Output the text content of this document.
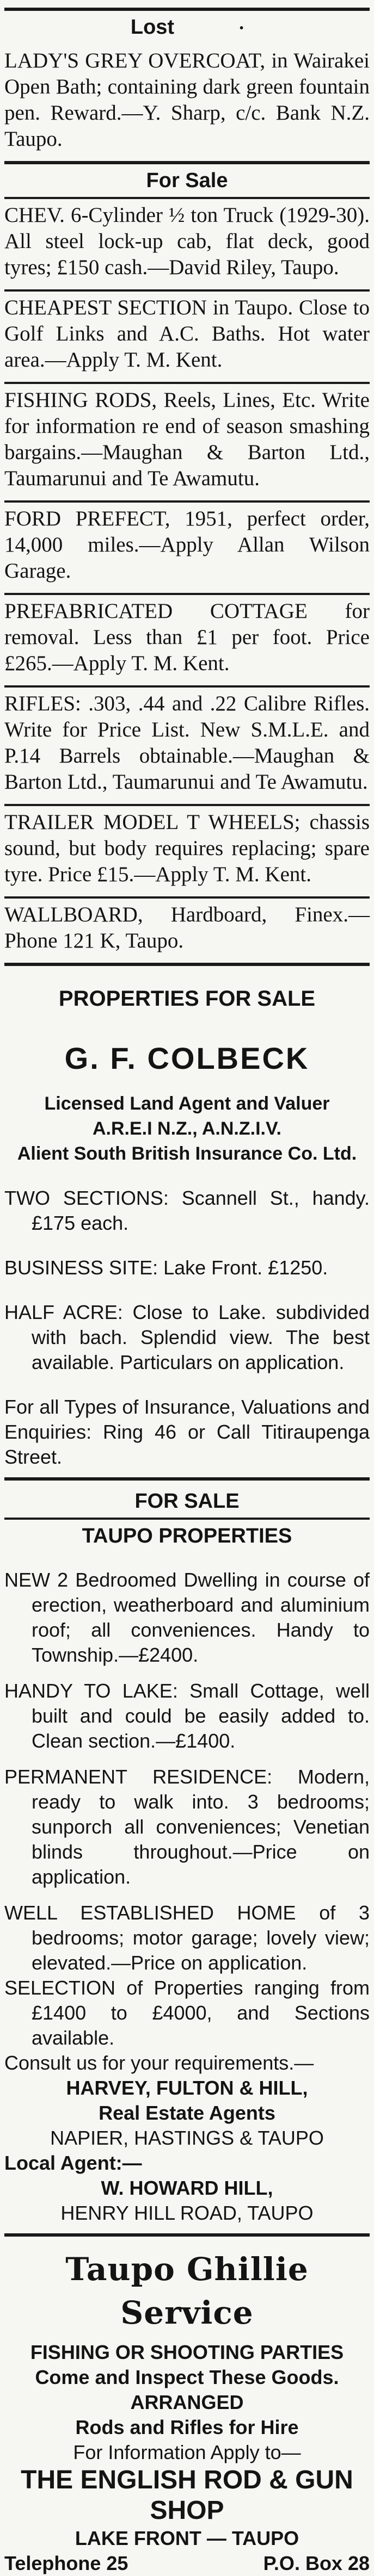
Lost	•
LADY'S GREY OVERCOAT, in Wairakei Open Bath; containing dark green fountain pen. Reward.—Y. Sharp, c/c. Bank N.Z. Taupo.
For Sale
CHEV. 6-Cylinder ½ ton Truck (1929-30). All steel lock-up cab, flat deck, good tyres; £150 cash.—David Riley, Taupo.
CHEAPEST SECTION in Taupo. Close to Golf Links and A.C. Baths. Hot water area.—Apply T. M. Kent.
FISHING RODS, Reels, Lines, Etc. Write for information re end of season smashing bargains.—Maughan & Barton Ltd., Taumarunui and Te Awamutu.
FORD PREFECT, 1951, perfect order, 14,000 miles.—Apply Allan Wilson Garage.
PREFABRICATED COTTAGE for removal. Less than £1 per foot. Price £265.—Apply T. M. Kent.
RIFLES: .303, .44 and .22 Calibre Rifles. Write for Price List. New S.M.L.E. and P.14 Barrels obtainable.—Maughan & Barton Ltd., Taumarunui and Te Awamutu.
TRAILER MODEL T WHEELS; chassis sound, but body requires replacing; spare tyre. Price £15.—Apply T. M. Kent.
WALLBOARD, Hardboard, Finex.—Phone 121 K, Taupo.
PROPERTIES FOR SALE
G. F. COLBECK
Licensed Land Agent and Valuer
A.R.E.I N.Z., A.N.Z.I.V.
Alient South British Insurance Co. Ltd.
TWO SECTIONS: Scannell St., handy. £175 each.
BUSINESS SITE: Lake Front. £1250.
HALF ACRE: Close to Lake. subdivided with bach. Splendid view. The best available. Particulars on application.
For all Types of Insurance, Valuations and Enquiries: Ring 46 or Call Titiraupenga Street.
FOR SALE
TAUPO PROPERTIES
NEW 2 Bedroomed Dwelling in course of erection, weatherboard and aluminium roof; all conveniences. Handy to Township.—£2400.
HANDY TO LAKE: Small Cottage, well built and could be easily added to. Clean section.—£1400.
PERMANENT RESIDENCE: Modern, ready to walk into. 3 bedrooms; sunporch all conveniences; Venetian blinds throughout.—Price on application.
WELL ESTABLISHED HOME of 3 bedrooms; motor garage; lovely view; elevated.—Price on application.
SELECTION of Properties ranging from £1400 to £4000, and Sections available.
Consult us for your requirements.—
HARVEY, FULTON & HILL,
Real Estate Agents
NAPIER, HASTINGS & TAUPO
Local Agent:—
W. HOWARD HILL,
HENRY HILL ROAD, TAUPO
Taupo Ghillie Service
FISHING OR SHOOTING PARTIES
Come and Inspect These Goods.
ARRANGED
Rods and Rifles for Hire
For Information Apply to—
THE ENGLISH ROD & GUN
SHOP
LAKE FRONT — TAUPO
Telephone 25	P.O. Box 28
